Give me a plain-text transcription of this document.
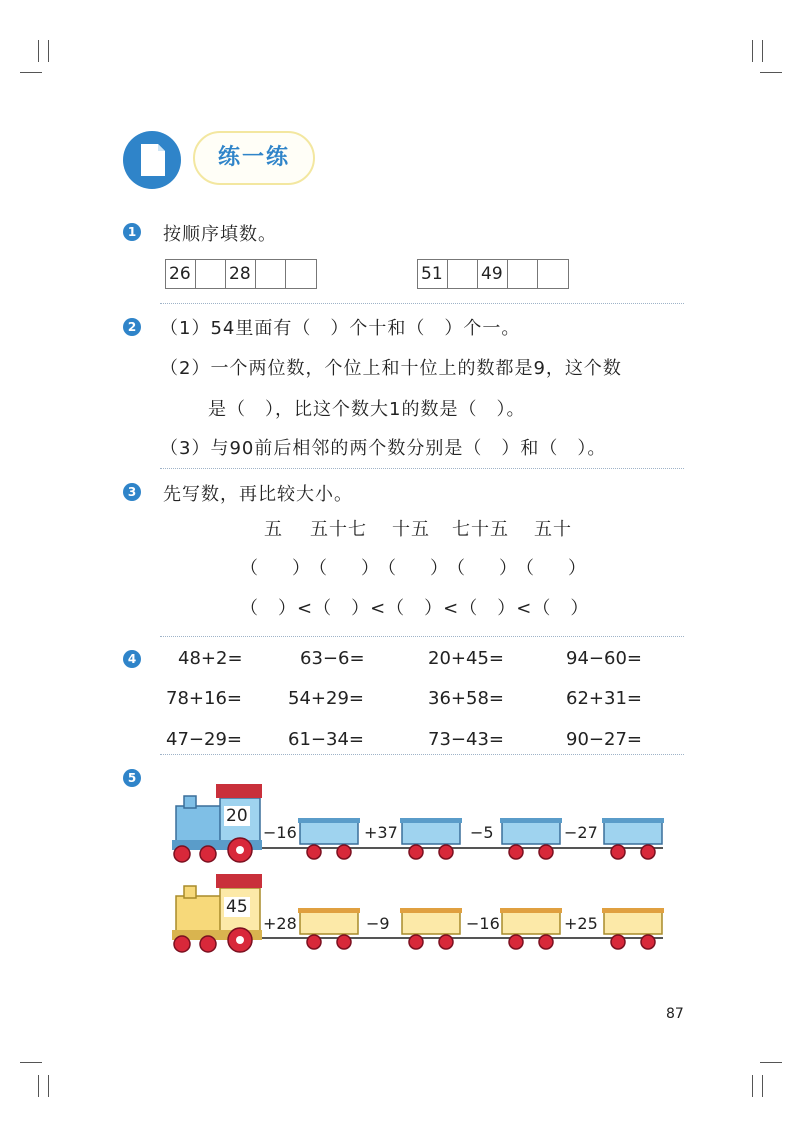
练一练
1 按顺序填数。
26	28	51	49
2 （1）54里面有（　）个十和（　）个一。
（2）一个两位数，个位上和十位上的数都是9，这个数
是（　），比这个数大1的数是（　）。
（3）与90前后相邻的两个数分别是（　）和（　）。
3 先写数，再比较大小。
五 五十七 十五 七十五 五十
（　）（　）（　）（　）（　）
（　）<（　）<（　）<（　）<（　）
4 48+2=	63−6=	20+45=	94−60=
78+16=	54+29=	36+58=	62+31=
47−29=	61−34=	73−43=	90−27=
5
20
−16	+37	−5	−27
45
+28	−9	−16	+25
87
